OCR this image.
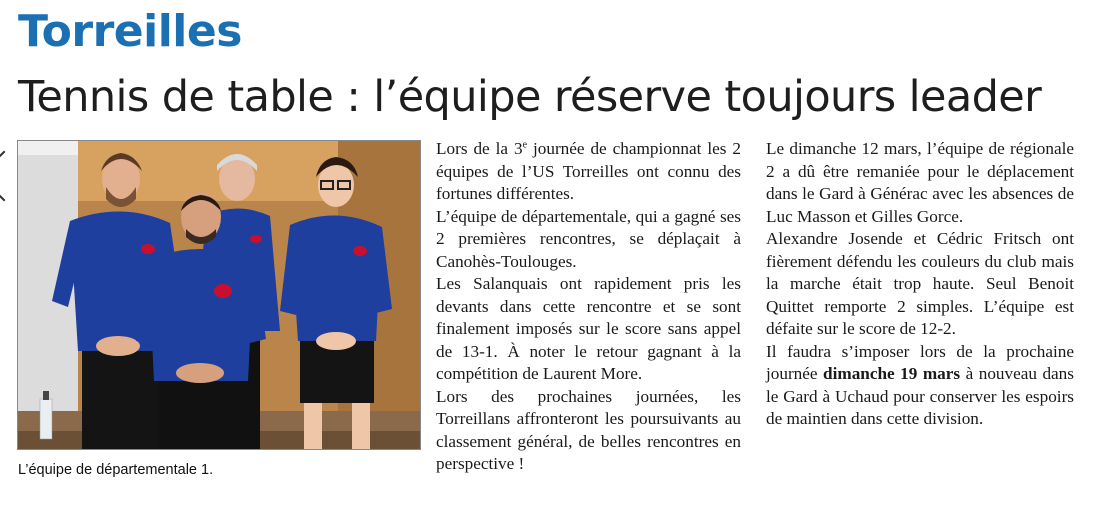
Torreilles
Tennis de table : l’équipe réserve toujours leader
L’équipe de départementale 1.

Lors de la 3e journée de championnat les 2 équipes de l’US Torreilles ont connu des fortunes différentes.

L’équipe de départementale, qui a gagné ses 2 premières rencontres, se déplaçait à Canohès-Toulouges.

Les Salanquais ont rapidement pris les devants dans cette rencontre et se sont finalement imposés sur le score sans appel de 13-1. À noter le retour gagnant à la compétition de Laurent More.

Lors des prochaines journées, les Torreillans affronteront les poursuivants au classement général, de belles rencontres en perspective !

Le dimanche 12 mars, l’équipe de régionale 2 a dû être remaniée pour le déplacement dans le Gard à Générac avec les absences de Luc Masson et Gilles Gorce.

Alexandre Josende et Cédric Fritsch ont fièrement défendu les couleurs du club mais la marche était trop haute. Seul Benoit Quittet remporte 2 simples. L’équipe est défaite sur le score de 12-2.

Il faudra s’imposer lors de la prochaine journée dimanche 19 mars à nouveau dans le Gard à Uchaud pour conserver les espoirs de maintien dans cette division.
